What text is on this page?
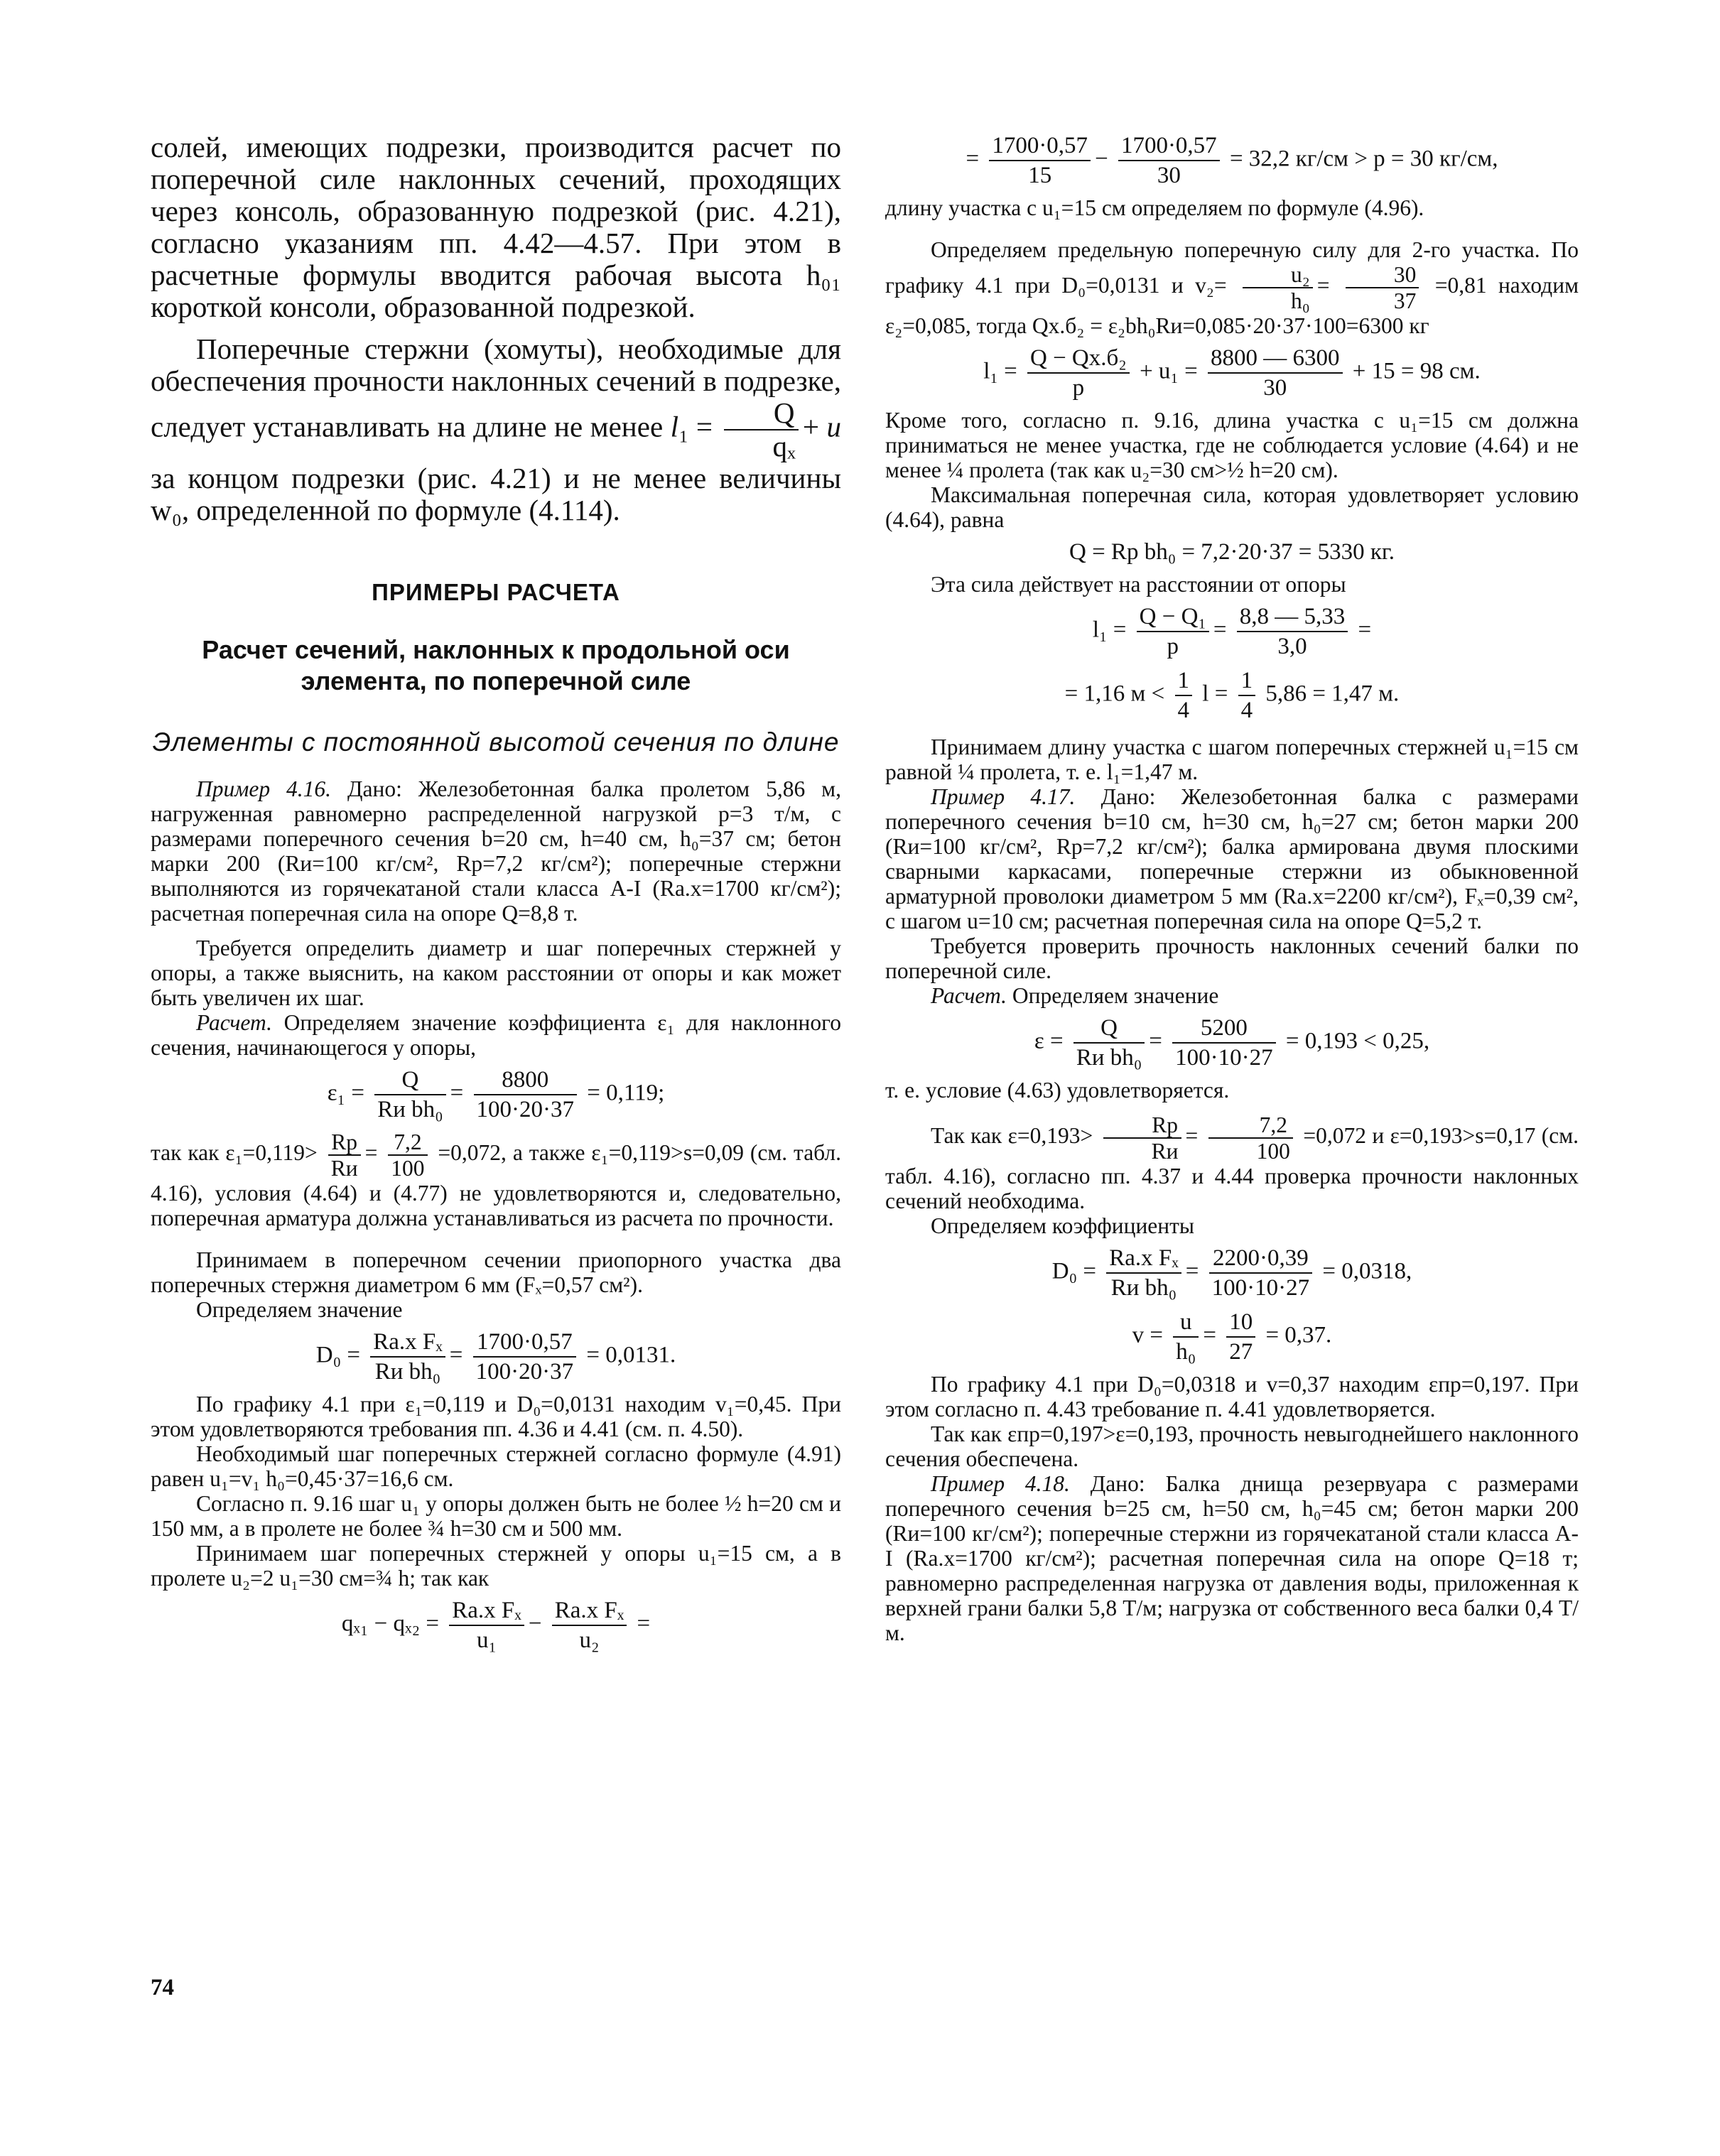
солей, имеющих подрезки, производится расчет по поперечной силе наклонных сечений, проходящих через консоль, образованную подрезкой (рис. 4.21), согласно указаниям пп. 4.42—4.57. При этом в расчетные формулы вводится рабочая высота h₀₁ короткой консоли, образованной подрезкой.

Поперечные стержни (хомуты), необходимые для обеспечения прочности наклонных сечений в подрезке, следует устанавливать на длине не менее $l_1 = \frac{Q}{\text{qₓ}} + u$ за концом подрезки (рис. 4.21) и не менее величины w₀, определенной по формуле (4.114).

ПРИМЕРЫ РАСЧЕТА
Расчет сечений, наклонных к продольной оси элемента, по поперечной силе
Элементы с постоянной высотой сечения по длине

Пример 4.16. Дано: Железобетонная балка пролетом 5,86 м, нагруженная равномерно распределенной нагрузкой p=3 т/м, с размерами поперечного сечения b=20 см, h=40 см, h₀=37 см; бетон марки 200 (Rи=100 кг/см², Rр=7,2 кг/см²); поперечные стержни выполняются из горячекатаной стали класса А-I (Rа.х=1700 кг/см²); расчетная поперечная сила на опоре Q=8,8 т.

Требуется определить диаметр и шаг поперечных стержней у опоры, а также выяснить, на каком расстоянии от опоры и как может быть увеличен их шаг.

Расчет. Определяем значение коэффициента ε₁ для наклонного сечения, начинающегося у опоры,

$\varepsilon_1 = \frac{Q}{\text{Rи bh₀}} = \frac{8800}{100\cdot 20\cdot 37} = 0,119$;

так как $\varepsilon_1=0,119> \frac{Rр}{Rи} = \frac{7,2}{100} =0,072$, а также ε₁=0,119>s=0,09 (см. табл. 4.16), условия (4.64) и (4.77) не удовлетворяются и, следовательно, поперечная арматура должна устанавливаться из расчета по прочности.

Принимаем в поперечном сечении приопорного участка два поперечных стержня диаметром 6 мм (Fₓ=0,57 см²).

Определяем значение

$D_0 = \frac{\text{Rа.х Fₓ}}{\text{Rи bh₀}} = \frac{1700\cdot 0,57}{100\cdot 20\cdot 37} = 0,0131$.

По графику 4.1 при ε₁=0,119 и D₀=0,0131 находим v₁=0,45. При этом удовлетворяются требования пп. 4.36 и 4.41 (см. п. 4.50).

Необходимый шаг поперечных стержней согласно формуле (4.91) равен u₁=v₁ h₀=0,45·37=16,6 см.

Согласно п. 9.16 шаг u₁ у опоры должен быть не более ½ h=20 см и 150 мм, а в пролете не более ¾ h=30 см и 500 мм.

Принимаем шаг поперечных стержней у опоры u₁=15 см, а в пролете u₂=2 u₁=30 см=¾ h; так как

$q_{x1} - q_{x2} = \frac{\text{Rа.х Fₓ}}{\text{u₁}} - \frac{\text{Rа.х Fₓ}}{\text{u₂}}$ =
= $\frac{1700\cdot 0,57}{15} - \frac{1700\cdot 0,57}{30} = 32,2$ кг/см > p = 30 кг/см,

длину участка с u₁=15 см определяем по формуле (4.96).

Определяем предельную поперечную силу для 2-го участка. По графику 4.1 при D₀=0,0131 и $v_2= \frac{\text{u₂}}{\text{h₀}} = \frac{30}{37} =0,81$ находим ε₂=0,085, тогда Qх.б₂ = ε₂bh₀Rи=0,085·20·37·100=6300 кг

$l_1 = \frac{\text{Q − Qх.б₂}}{p} + u_1 = \frac{8800 — 6300}{30} + 15 = 98$ см.

Кроме того, согласно п. 9.16, длина участка с u₁=15 см должна приниматься не менее участка, где не соблюдается условие (4.64) и не менее ¼ пролета (так как u₂=30 см>½ h=20 см).

Максимальная поперечная сила, которая удовлетворяет условию (4.64), равна

Q = Rр bh₀ = 7,2·20·37 = 5330 кг.

Эта сила действует на расстоянии от опоры

$l_1 = \frac{\text{Q − Q₁}}{p} = \frac{8,8 — 5,33}{3,0}$ =
= 1,16 $м < \frac{1}{4}$ $l = \frac{1}{4} 5,86 = 1,47$ м.

Принимаем длину участка с шагом поперечных стержней u₁=15 см равной ¼ пролета, т. е. l₁=1,47 м.

Пример 4.17. Дано: Железобетонная балка с размерами поперечного сечения b=10 см, h=30 см, h₀=27 см; бетон марки 200 (Rи=100 кг/см², Rр=7,2 кг/см²); балка армирована двумя плоскими сварными каркасами, поперечные стержни из обыкновенной арматурной проволоки диаметром 5 мм (Rа.х=2200 кг/см²), Fₓ=0,39 см², с шагом u=10 см; расчетная поперечная сила на опоре Q=5,2 т.

Требуется проверить прочность наклонных сечений балки по поперечной силе.

Расчет. Определяем значение

$\varepsilon = \frac{Q}{\text{Rи bh₀}} = \frac{5200}{100\cdot 10\cdot 27} = 0,193 < 0,25$,

т. е. условие (4.63) удовлетворяется.

Так как $\varepsilon=0,193> \frac{Rр}{Rи} = \frac{7,2}{100} =0,072$ и ε=0,193>s=0,17 (см. табл. 4.16), согласно пп. 4.37 и 4.44 проверка прочности наклонных сечений необходима.

Определяем коэффициенты

$D_0 = \frac{\text{Rа.х Fₓ}}{\text{Rи bh₀}} = \frac{2200\cdot 0,39}{100\cdot 10\cdot 27} = 0,0318$,
$v = \frac{u}{\text{h₀}} = \frac{10}{27} = 0,37$.

По графику 4.1 при D₀=0,0318 и v=0,37 находим εпр=0,197. При этом согласно п. 4.43 требование п. 4.41 удовлетворяется.

Так как εпр=0,197>ε=0,193, прочность невыгоднейшего наклонного сечения обеспечена.

Пример 4.18. Дано: Балка днища резервуара с размерами поперечного сечения b=25 см, h=50 см, h₀=45 см; бетон марки 200 (Rи=100 кг/см²); поперечные стержни из горячекатаной стали класса А-I (Rа.х=1700 кг/см²); расчетная поперечная сила на опоре Q=18 т; равномерно распределенная нагрузка от давления воды, приложенная к верхней грани балки 5,8 Т/м; нагрузка от собственного веса балки 0,4 Т/м.

74
